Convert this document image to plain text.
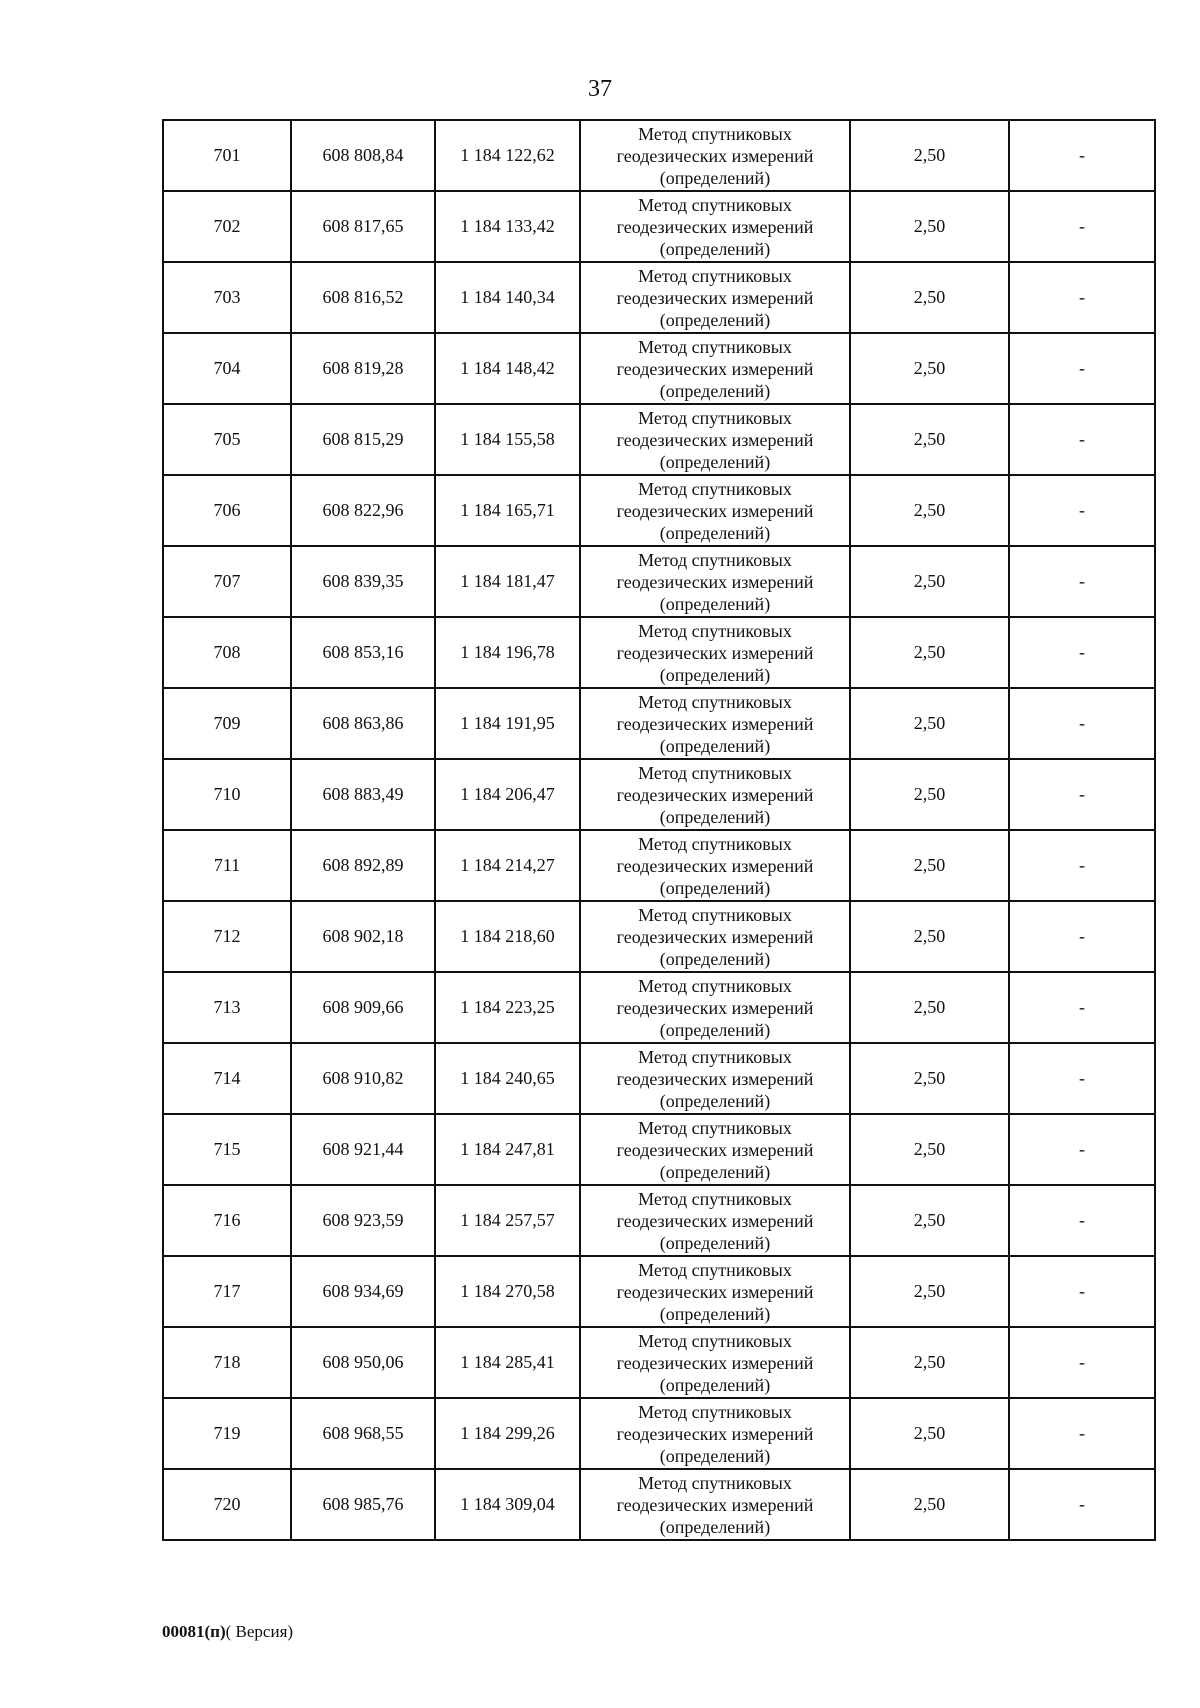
37
701	608 808,84	1 184 122,62	Метод спутниковых
геодезических измерений
(определений)	2,50	-
702	608 817,65	1 184 133,42	Метод спутниковых
геодезических измерений
(определений)	2,50	-
703	608 816,52	1 184 140,34	Метод спутниковых
геодезических измерений
(определений)	2,50	-
704	608 819,28	1 184 148,42	Метод спутниковых
геодезических измерений
(определений)	2,50	-
705	608 815,29	1 184 155,58	Метод спутниковых
геодезических измерений
(определений)	2,50	-
706	608 822,96	1 184 165,71	Метод спутниковых
геодезических измерений
(определений)	2,50	-
707	608 839,35	1 184 181,47	Метод спутниковых
геодезических измерений
(определений)	2,50	-
708	608 853,16	1 184 196,78	Метод спутниковых
геодезических измерений
(определений)	2,50	-
709	608 863,86	1 184 191,95	Метод спутниковых
геодезических измерений
(определений)	2,50	-
710	608 883,49	1 184 206,47	Метод спутниковых
геодезических измерений
(определений)	2,50	-
711	608 892,89	1 184 214,27	Метод спутниковых
геодезических измерений
(определений)	2,50	-
712	608 902,18	1 184 218,60	Метод спутниковых
геодезических измерений
(определений)	2,50	-
713	608 909,66	1 184 223,25	Метод спутниковых
геодезических измерений
(определений)	2,50	-
714	608 910,82	1 184 240,65	Метод спутниковых
геодезических измерений
(определений)	2,50	-
715	608 921,44	1 184 247,81	Метод спутниковых
геодезических измерений
(определений)	2,50	-
716	608 923,59	1 184 257,57	Метод спутниковых
геодезических измерений
(определений)	2,50	-
717	608 934,69	1 184 270,58	Метод спутниковых
геодезических измерений
(определений)	2,50	-
718	608 950,06	1 184 285,41	Метод спутниковых
геодезических измерений
(определений)	2,50	-
719	608 968,55	1 184 299,26	Метод спутниковых
геодезических измерений
(определений)	2,50	-
720	608 985,76	1 184 309,04	Метод спутниковых
геодезических измерений
(определений)	2,50	-
00081(п)( Версия)
